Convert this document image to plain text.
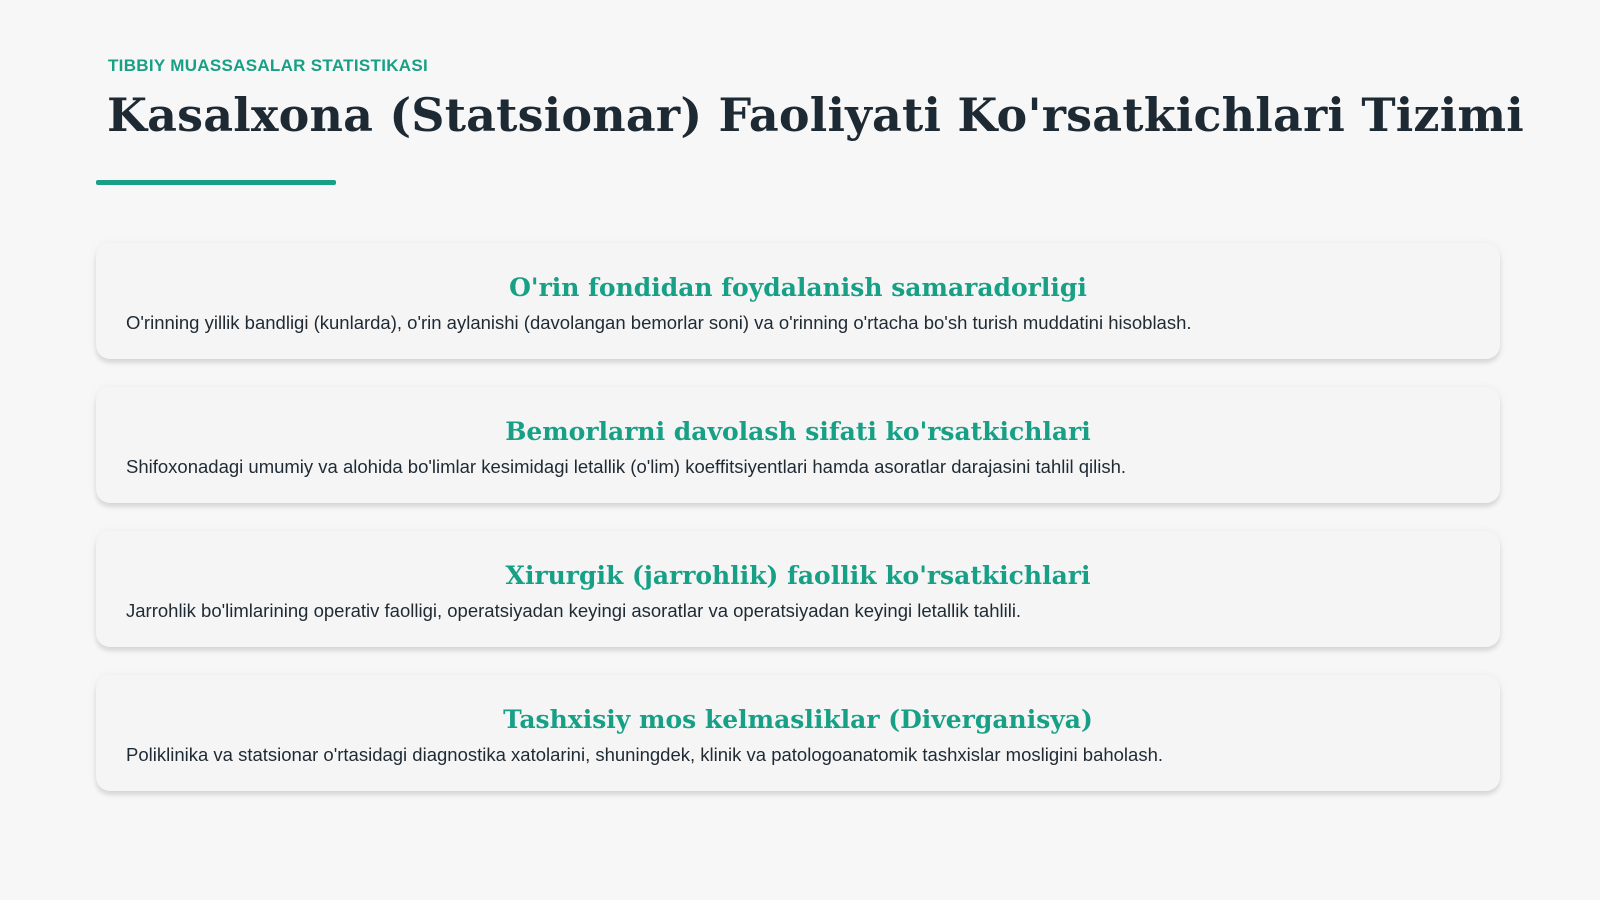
TIBBIY MUASSASALAR STATISTIKASI
Kasalxona (Statsionar) Faoliyati Ko'rsatkichlari Tizimi
O'rin fondidan foydalanish samaradorligi
O'rinning yillik bandligi (kunlarda), o'rin aylanishi (davolangan bemorlar soni) va o'rinning o'rtacha bo'sh turish muddatini hisoblash.
Bemorlarni davolash sifati ko'rsatkichlari
Shifoxonadagi umumiy va alohida bo'limlar kesimidagi letallik (o'lim) koeffitsiyentlari hamda asoratlar darajasini tahlil qilish.
Xirurgik (jarrohlik) faollik ko'rsatkichlari
Jarrohlik bo'limlarining operativ faolligi, operatsiyadan keyingi asoratlar va operatsiyadan keyingi letallik tahlili.
Tashxisiy mos kelmasliklar (Diverganisya)
Poliklinika va statsionar o'rtasidagi diagnostika xatolarini, shuningdek, klinik va patologoanatomik tashxislar mosligini baholash.
